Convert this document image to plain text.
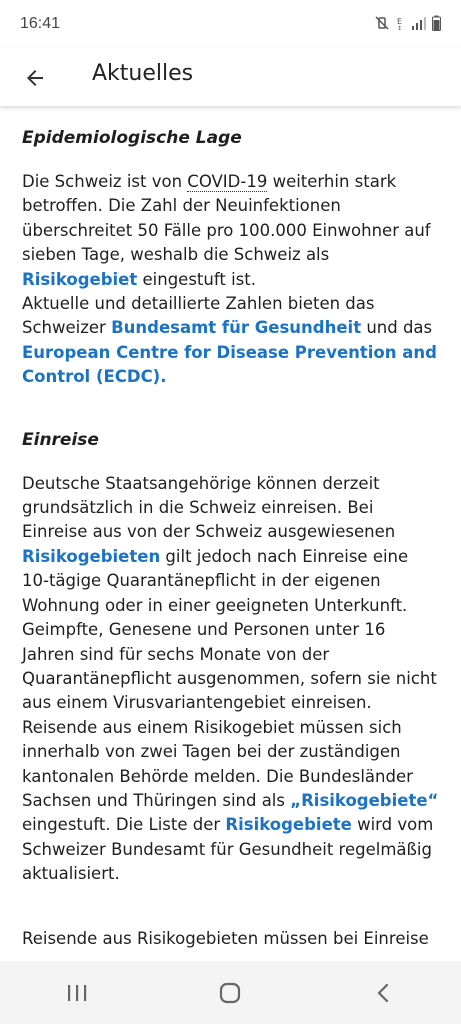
16:41	E
↕
Aktuelles
Epidemiologische Lage

Die Schweiz ist von COVID-19 weiterhin stark betroffen. Die Zahl der Neuinfektionen überschreitet 50 Fälle pro 100.000 Einwohner auf sieben Tage, weshalb die Schweiz als Risikogebiet eingestuft ist.

Aktuelle und detaillierte Zahlen bieten das Schweizer Bundesamt für Gesundheit und das European Centre for Disease Prevention and Control (ECDC).

Einreise

Deutsche Staatsangehörige können derzeit grundsätzlich in die Schweiz einreisen. Bei Einreise aus von der Schweiz ausgewiesenen Risikogebieten gilt jedoch nach Einreise eine 10-tägige Quarantänepflicht in der eigenen Wohnung oder in einer geeigneten Unterkunft. Geimpfte, Genesene und Personen unter 16 Jahren sind für sechs Monate von der Quarantänepflicht ausgenommen, sofern sie nicht aus einem Virusvariantengebiet einreisen. Reisende aus einem Risikogebiet müssen sich innerhalb von zwei Tagen bei der zuständigen kantonalen Behörde melden. Die Bundesländer Sachsen und Thüringen sind als „Risikogebiete“ eingestuft. Die Liste der Risikogebiete wird vom Schweizer Bundesamt für Gesundheit regelmäßig aktualisiert.

Reisende aus Risikogebieten müssen bei Einreise
